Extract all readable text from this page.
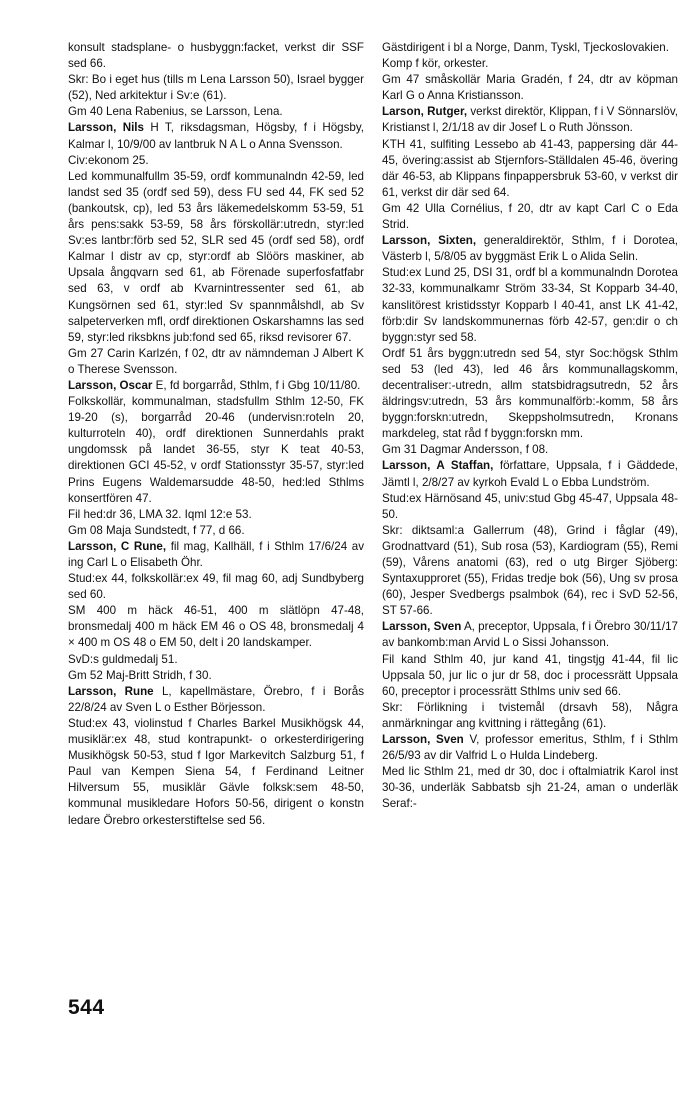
konsult stadsplane- o husbyggn:facket, verkst dir SSF sed 66.

Skr: Bo i eget hus (tills m Lena Larsson 50), Israel bygger (52), Ned arkitektur i Sv:e (61).

Gm 40 Lena Rabenius, se Larsson, Lena.

Larsson, Nils H T, riksdagsman, Högsby, f i Högsby, Kalmar l, 10/9/00 av lantbruk N A L o Anna Svensson.

Civ:ekonom 25.

Led kommunalfullm 35-59, ordf kommunalndn 42-59, led landst sed 35 (ordf sed 59), dess FU sed 44, FK sed 52 (bankoutsk, cp), led 53 års läkemedelskomm 53-59, 51 års pens:sakk 53-59, 58 års förskollär:utredn, styr:led Sv:es lantbr:förb sed 52, SLR sed 45 (ordf sed 58), ordf Kalmar l distr av cp, styr:ordf ab Slöörs maskiner, ab Upsala ångqvarn sed 61, ab Förenade superfosfatfabr sed 63, v ordf ab Kvarnintressenter sed 61, ab Kungsörnen sed 61, styr:led Sv spannmålshdl, ab Sv salpeterverken mfl, ordf direktionen Oskarshamns las sed 59, styr:led riksbkns jub:fond sed 65, riksd revisorer 67.

Gm 27 Carin Karlzén, f 02, dtr av nämndeman J Albert K o Therese Svensson.

Larsson, Oscar E, fd borgarråd, Sthlm, f i Gbg 10/11/80.

Folkskollär, kommunalman, stadsfullm Sthlm 12-50, FK 19-20 (s), borgarråd 20-46 (undervisn:roteln 20, kulturroteln 40), ordf direktionen Sunnerdahls prakt ungdomssk på landet 36-55, styr K teat 40-53, direktionen GCI 45-52, v ordf Stationsstyr 35-57, styr:led Prins Eugens Waldemarsudde 48-50, hed:led Sthlms konsertfören 47.

Fil hed:dr 36, LMA 32. Iqml 12:e 53.

Gm 08 Maja Sundstedt, f 77, d 66.

Larsson, C Rune, fil mag, Kallhäll, f i Sthlm 17/6/24 av ing Carl L o Elisabeth Öhr.

Stud:ex 44, folkskollär:ex 49, fil mag 60, adj Sundbyberg sed 60.

SM 400 m häck 46-51, 400 m slätlöpn 47-48, bronsmedalj 400 m häck EM 46 o OS 48, bronsmedalj 4 × 400 m OS 48 o EM 50, delt i 20 landskamper.

SvD:s guldmedalj 51.

Gm 52 Maj-Britt Stridh, f 30.

Larsson, Rune L, kapellmästare, Örebro, f i Borås 22/8/24 av Sven L o Esther Börjesson.

Stud:ex 43, violinstud f Charles Barkel Musikhögsk 44, musiklär:ex 48, stud kontrapunkt- o orkesterdirigering Musikhögsk 50-53, stud f Igor Markevitch Salzburg 51, f Paul van Kempen Siena 54, f Ferdinand Leitner Hilversum 55, musiklär Gävle folksk:sem 48-50, kommunal musikledare Hofors 50-56, dirigent o konstn ledare Örebro orkesterstiftelse sed 56.

Gästdirigent i bl a Norge, Danm, Tyskl, Tjeckoslovakien.

Komp f kör, orkester.

Gm 47 småskollär Maria Gradén, f 24, dtr av köpman Karl G o Anna Kristiansson.

Larson, Rutger, verkst direktör, Klippan, f i V Sönnarslöv, Kristianst l, 2/1/18 av dir Josef L o Ruth Jönsson.

KTH 41, sulfiting Lessebo ab 41-43, pappersing där 44-45, övering:assist ab Stjernfors-Ställdalen 45-46, övering där 46-53, ab Klippans finpappersbruk 53-60, v verkst dir 61, verkst dir där sed 64.

Gm 42 Ulla Cornélius, f 20, dtr av kapt Carl C o Eda Strid.

Larsson, Sixten, generaldirektör, Sthlm, f i Dorotea, Västerb l, 5/8/05 av byggmäst Erik L o Alida Selin.

Stud:ex Lund 25, DSI 31, ordf bl a kommunalndn Dorotea 32-33, kommunalkamr Ström 33-34, St Kopparb 34-40, kanslitörest kristidsstyr Kopparb l 40-41, anst LK 41-42, förb:dir Sv landskommunernas förb 42-57, gen:dir o ch byggn:styr sed 58.

Ordf 51 års byggn:utredn sed 54, styr Soc:högsk Sthlm sed 53 (led 43), led 46 års kommunallagskomm, decentraliser:-utredn, allm statsbidragsutredn, 52 års äldringsv:utredn, 53 års kommunalförb:-komm, 58 års byggn:forskn:utredn, Skeppsholmsutredn, Kronans markdeleg, stat råd f byggn:forskn mm.

Gm 31 Dagmar Andersson, f 08.

Larsson, A Staffan, författare, Uppsala, f i Gäddede, Jämtl l, 2/8/27 av kyrkoh Evald L o Ebba Lundström.

Stud:ex Härnösand 45, univ:stud Gbg 45-47, Uppsala 48-50.

Skr: diktsaml:a Gallerrum (48), Grind i fåglar (49), Grodnattvard (51), Sub rosa (53), Kardiogram (55), Remi (59), Vårens anatomi (63), red o utg Birger Sjöberg: Syntaxupproret (55), Fridas tredje bok (56), Ung sv prosa (60), Jesper Svedbergs psalmbok (64), rec i SvD 52-56, ST 57-66.

Larsson, Sven A, preceptor, Uppsala, f i Örebro 30/11/17 av bankomb:man Arvid L o Sissi Johansson.

Fil kand Sthlm 40, jur kand 41, tingstjg 41-44, fil lic Uppsala 50, jur lic o jur dr 58, doc i processrätt Uppsala 60, preceptor i processrätt Sthlms univ sed 66.

Skr: Förlikning i tvistemål (drsavh 58), Några anmärkningar ang kvittning i rättegång (61).

Larsson, Sven V, professor emeritus, Sthlm, f i Sthlm 26/5/93 av dir Valfrid L o Hulda Lindeberg.

Med lic Sthlm 21, med dr 30, doc i oftalmiatrik Karol inst 30-36, underläk Sabbatsb sjh 21-24, aman o underläk Seraf:-

544
